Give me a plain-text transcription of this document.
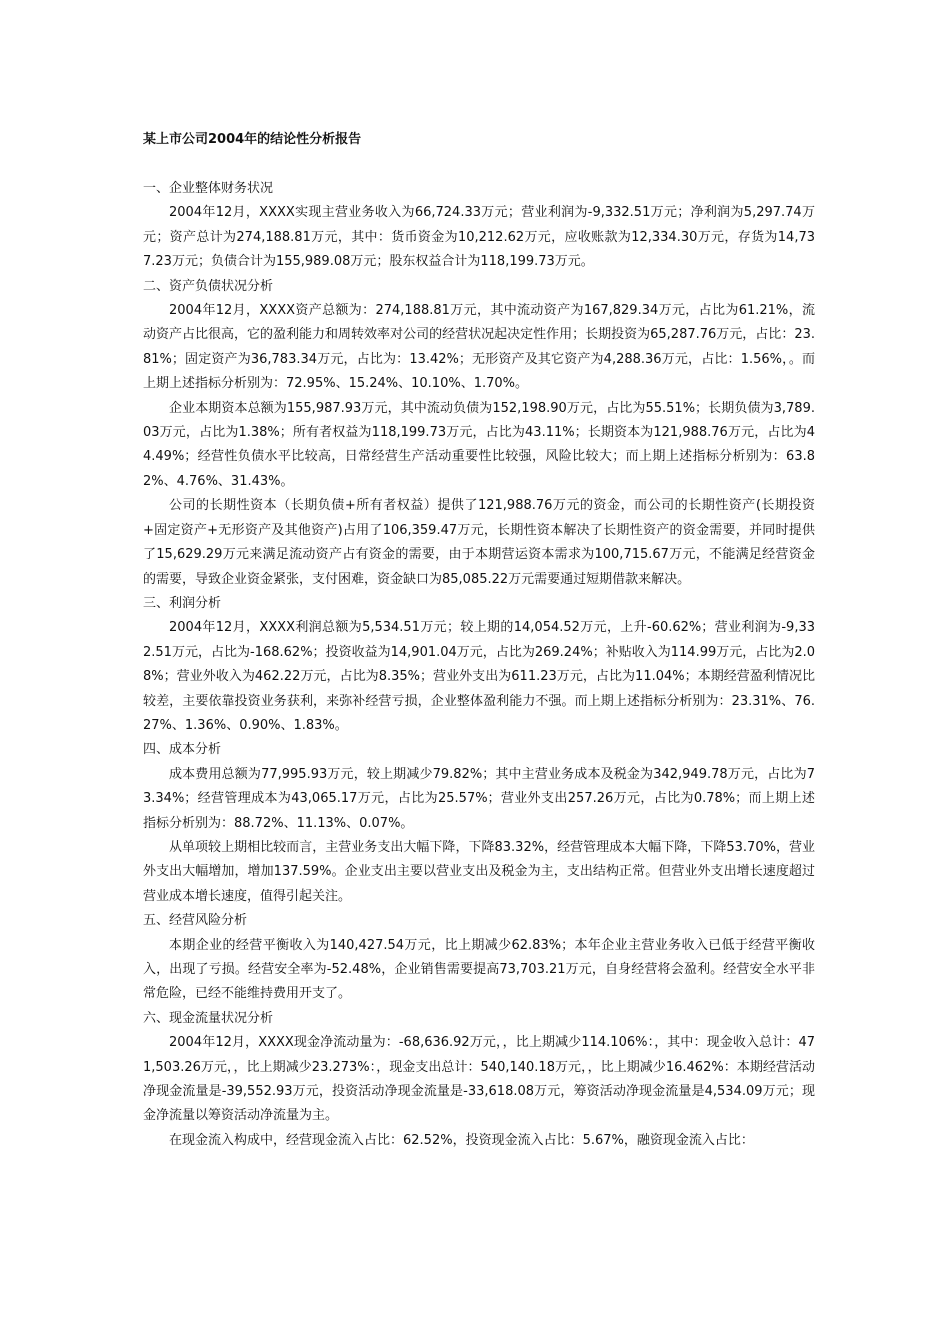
某上市公司2004年的结论性分析报告

一、企业整体财务状况

2004年12月，XXXX实现主营业务收入为66,724.33万元；营业利润为-9,332.51万元；净利润为5,297.74万元；资产总计为274,188.81万元，其中：货币资金为10,212.62万元，应收账款为12,334.30万元，存货为14,737.23万元；负债合计为155,989.08万元；股东权益合计为118,199.73万元。

二、资产负债状况分析

2004年12月，XXXX资产总额为：274,188.81万元，其中流动资产为167,829.34万元，占比为61.21%，流动资产占比很高，它的盈利能力和周转效率对公司的经营状况起决定性作用；长期投资为65,287.76万元，占比：23.81%；固定资产为36,783.34万元，占比为：13.42%；无形资产及其它资产为4,288.36万元，占比：1.56%，。而上期上述指标分析别为：72.95%、15.24%、10.10%、1.70%。

企业本期资本总额为155,987.93万元，其中流动负债为152,198.90万元，占比为55.51%；长期负债为3,789.03万元，占比为1.38%；所有者权益为118,199.73万元，占比为43.11%；长期资本为121,988.76万元，占比为44.49%；经营性负债水平比较高，日常经营生产活动重要性比较强，风险比较大；而上期上述指标分析别为：63.82%、4.76%、31.43%。

公司的长期性资本（长期负债+所有者权益）提供了121,988.76万元的资金，而公司的长期性资产(长期投资+固定资产+无形资产及其他资产)占用了106,359.47万元，长期性资本解决了长期性资产的资金需要，并同时提供了15,629.29万元来满足流动资产占有资金的需要，由于本期营运资本需求为100,715.67万元，不能满足经营资金的需要，导致企业资金紧张，支付困难，资金缺口为85,085.22万元需要通过短期借款来解决。

三、利润分析

2004年12月，XXXX利润总额为5,534.51万元；较上期的14,054.52万元，上升-60.62%；营业利润为-9,332.51万元，占比为-168.62%；投资收益为14,901.04万元，占比为269.24%；补贴收入为114.99万元，占比为2.08%；营业外收入为462.22万元，占比为8.35%；营业外支出为611.23万元，占比为11.04%；本期经营盈利情况比较差，主要依靠投资业务获利，来弥补经营亏损，企业整体盈利能力不强。而上期上述指标分析别为：23.31%、76.27%、1.36%、0.90%、1.83%。

四、成本分析

成本费用总额为77,995.93万元，较上期减少79.82%；其中主营业务成本及税金为342,949.78万元，占比为73.34%；经营管理成本为43,065.17万元，占比为25.57%；营业外支出257.26万元，占比为0.78%；而上期上述指标分析别为：88.72%、11.13%、0.07%。

从单项较上期相比较而言，主营业务支出大幅下降，下降83.32%，经营管理成本大幅下降，下降53.70%，营业外支出大幅增加，增加137.59%。企业支出主要以营业支出及税金为主，支出结构正常。但营业外支出增长速度超过营业成本增长速度，值得引起关注。

五、经营风险分析

本期企业的经营平衡收入为140,427.54万元，比上期减少62.83%；本年企业主营业务收入已低于经营平衡收入，出现了亏损。经营安全率为-52.48%，企业销售需要提高73,703.21万元，自身经营将会盈利。经营安全水平非常危险，已经不能维持费用开支了。

六、现金流量状况分析

2004年12月，XXXX现金净流动量为：-68,636.92万元，，比上期减少114.106%：，其中：现金收入总计：471,503.26万元，，比上期减少23.273%：，现金支出总计：540,140.18万元，，比上期减少16.462%：本期经营活动净现金流量是-39,552.93万元，投资活动净现金流量是-33,618.08万元，筹资活动净现金流量是4,534.09万元；现金净流量以筹资活动净流量为主。

在现金流入构成中，经营现金流入占比：62.52%，投资现金流入占比：5.67%，融资现金流入占比：
